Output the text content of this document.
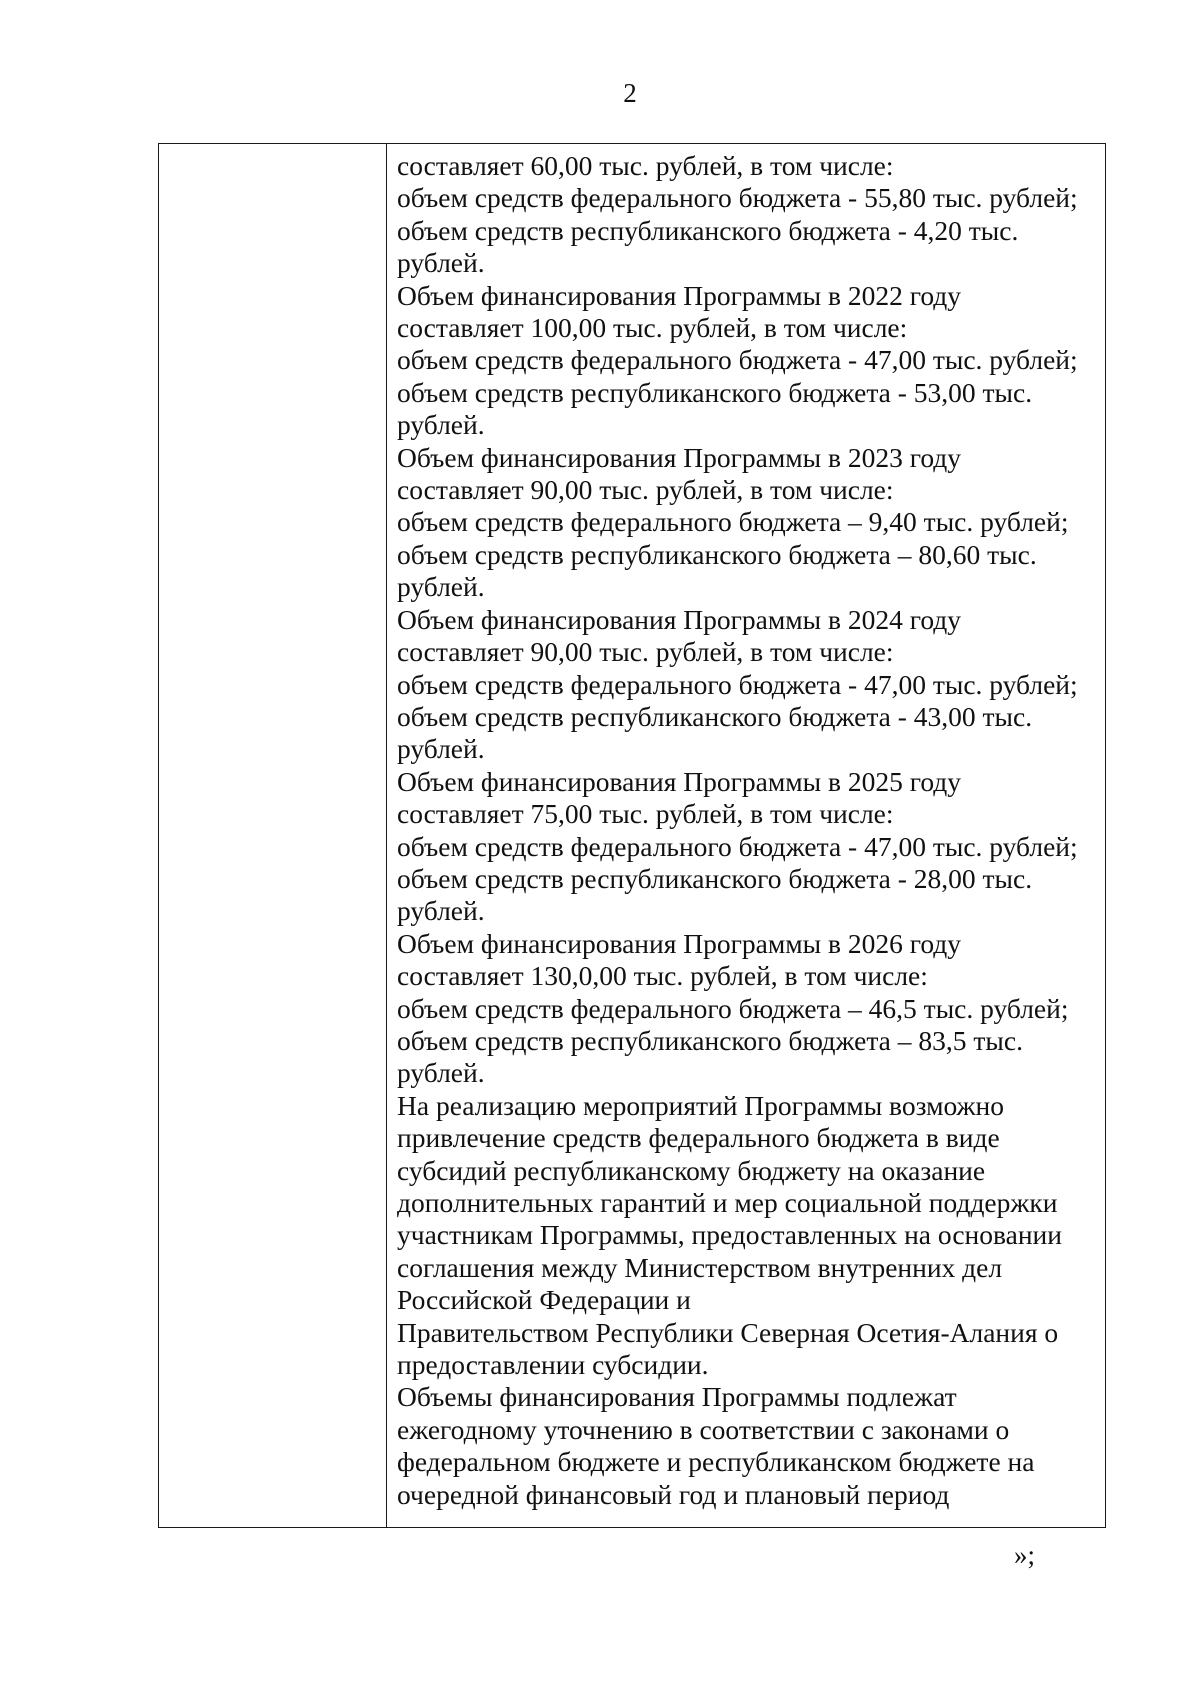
2
составляет 60,00 тыс. рублей, в том числе:
объем средств федерального бюджета - 55,80 тыс. рублей;
объем средств республиканского бюджета - 4,20 тыс.
рублей.
Объем финансирования Программы в 2022 году
составляет 100,00 тыс. рублей, в том числе:
объем средств федерального бюджета - 47,00 тыс. рублей;
объем средств республиканского бюджета - 53,00 тыс.
рублей.
Объем финансирования Программы в 2023 году
составляет 90,00 тыс. рублей, в том числе:
объем средств федерального бюджета – 9,40 тыс. рублей;
объем средств республиканского бюджета – 80,60 тыс.
рублей.
Объем финансирования Программы в 2024 году
составляет 90,00 тыс. рублей, в том числе:
объем средств федерального бюджета - 47,00 тыс. рублей;
объем средств республиканского бюджета - 43,00 тыс.
рублей.
Объем финансирования Программы в 2025 году
составляет 75,00 тыс. рублей, в том числе:
объем средств федерального бюджета - 47,00 тыс. рублей;
объем средств республиканского бюджета - 28,00 тыс.
рублей.
Объем финансирования Программы в 2026 году
составляет 130,0,00 тыс. рублей, в том числе:
объем средств федерального бюджета – 46,5 тыс. рублей;
объем средств республиканского бюджета – 83,5 тыс.
рублей.
На реализацию мероприятий Программы возможно
привлечение средств федерального бюджета в виде
субсидий республиканскому бюджету на оказание
дополнительных гарантий и мер социальной поддержки
участникам Программы, предоставленных на основании
соглашения между Министерством внутренних дел
Российской Федерации и
Правительством Республики Северная Осетия-Алания о
предоставлении субсидии.
Объемы финансирования Программы подлежат
ежегодному уточнению в соответствии с законами о
федеральном бюджете и республиканском бюджете на
очередной финансовый год и плановый период
»;
